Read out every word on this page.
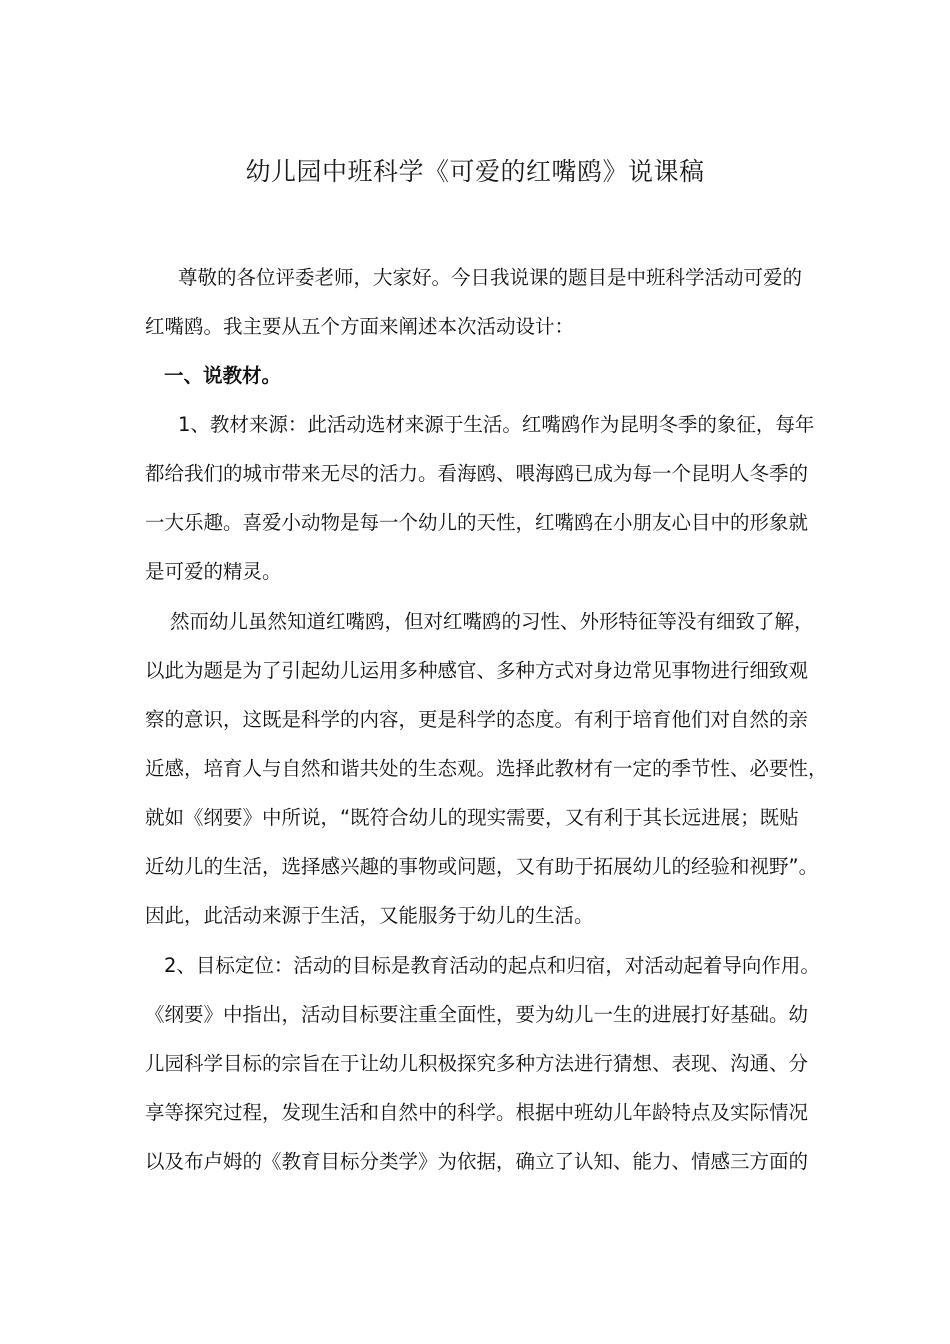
幼儿园中班科学《可爱的红嘴鸥》说课稿

尊敬的各位评委老师，大家好。今日我说课的题目是中班科学活动可爱的

红嘴鸥。我主要从五个方面来阐述本次活动设计：

一、说教材。

1、教材来源：此活动选材来源于生活。红嘴鸥作为昆明冬季的象征，每年

都给我们的城市带来无尽的活力。看海鸥、喂海鸥已成为每一个昆明人冬季的

一大乐趣。喜爱小动物是每一个幼儿的天性，红嘴鸥在小朋友心目中的形象就

是可爱的精灵。

然而幼儿虽然知道红嘴鸥，但对红嘴鸥的习性、外形特征等没有细致了解，

以此为题是为了引起幼儿运用多种感官、多种方式对身边常见事物进行细致观

察的意识，这既是科学的内容，更是科学的态度。有利于培育他们对自然的亲

近感，培育人与自然和谐共处的生态观。选择此教材有一定的季节性、必要性，

就如《纲要》中所说，“既符合幼儿的现实需要，又有利于其长远进展；既贴

近幼儿的生活，选择感兴趣的事物或问题，又有助于拓展幼儿的经验和视野”。

因此，此活动来源于生活，又能服务于幼儿的生活。

2、目标定位：活动的目标是教育活动的起点和归宿，对活动起着导向作用。

《纲要》中指出，活动目标要注重全面性，要为幼儿一生的进展打好基础。幼

儿园科学目标的宗旨在于让幼儿积极探究多种方法进行猜想、表现、沟通、分

享等探究过程，发现生活和自然中的科学。根据中班幼儿年龄特点及实际情况

以及布卢姆的《教育目标分类学》为依据，确立了认知、能力、情感三方面的
